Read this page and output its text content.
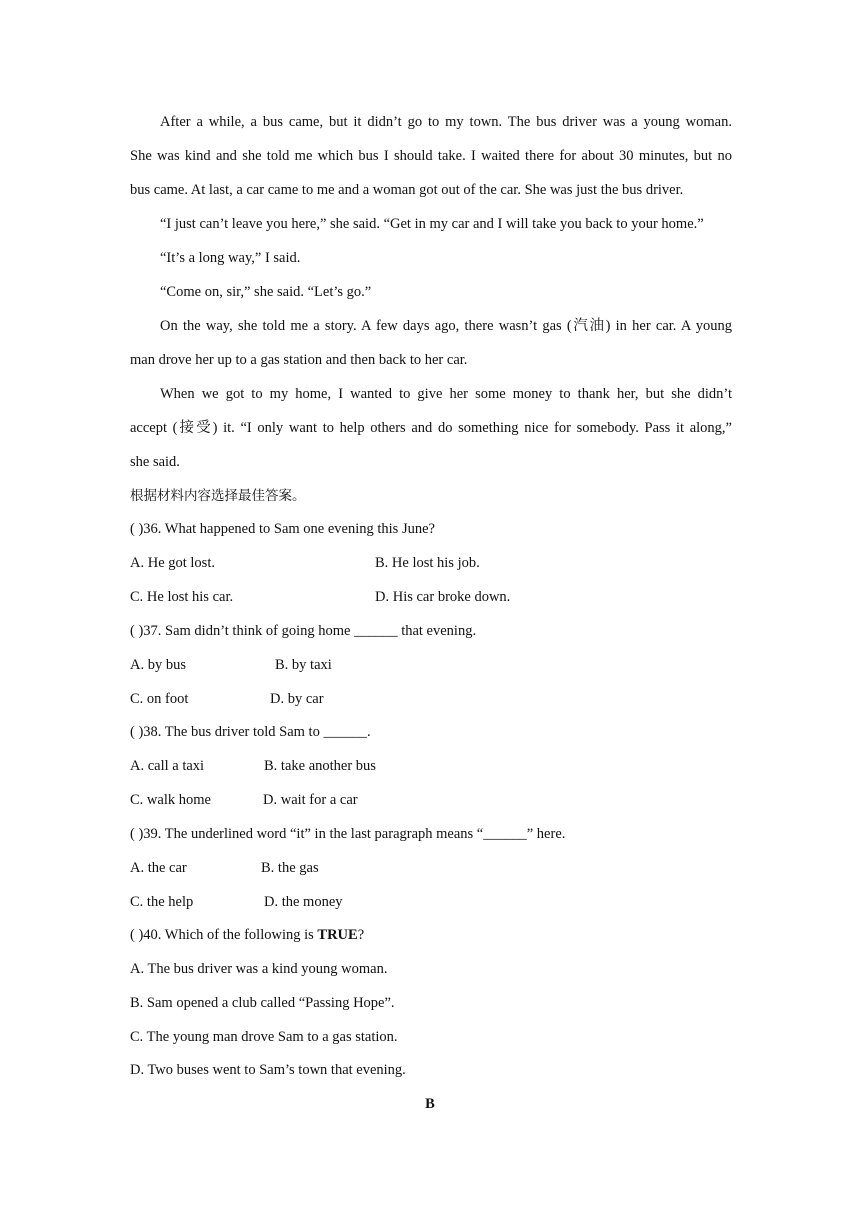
After a while, a bus came, but it didn’t go to my town. The bus driver was a young woman.
She was kind and she told me which bus I should take. I waited there for about 30 minutes, but no
bus came. At last, a car came to me and a woman got out of the car. She was just the bus driver.
“I just can’t leave you here,” she said. “Get in my car and I will take you back to your home.”
“It’s a long way,” I said.
“Come on, sir,” she said. “Let’s go.”
On the way, she told me a story. A few days ago, there wasn’t gas (汽油) in her car. A young
man drove her up to a gas station and then back to her car.
When we got to my home, I wanted to give her some money to thank her, but she didn’t
accept (接受) it. “I only want to help others and do something nice for somebody. Pass it along,”
she said.
根据材料内容选择最佳答案。
( )36. What happened to Sam one evening this June?
A. He got lost.	B. He lost his job.
C. He lost his car.	D. His car broke down.
( )37. Sam didn’t think of going home ______ that evening.
A. by bus	B. by taxi
C. on foot	D. by car
( )38. The bus driver told Sam to ______.
A. call a taxi	B. take another bus
C. walk home	D. wait for a car
( )39. The underlined word “it” in the last paragraph means “______” here.
A. the car	B. the gas
C. the help	D. the money
( )40. Which of the following is TRUE?
A. The bus driver was a kind young woman.
B. Sam opened a club called “Passing Hope”.
C. The young man drove Sam to a gas station.
D. Two buses went to Sam’s town that evening.
B
